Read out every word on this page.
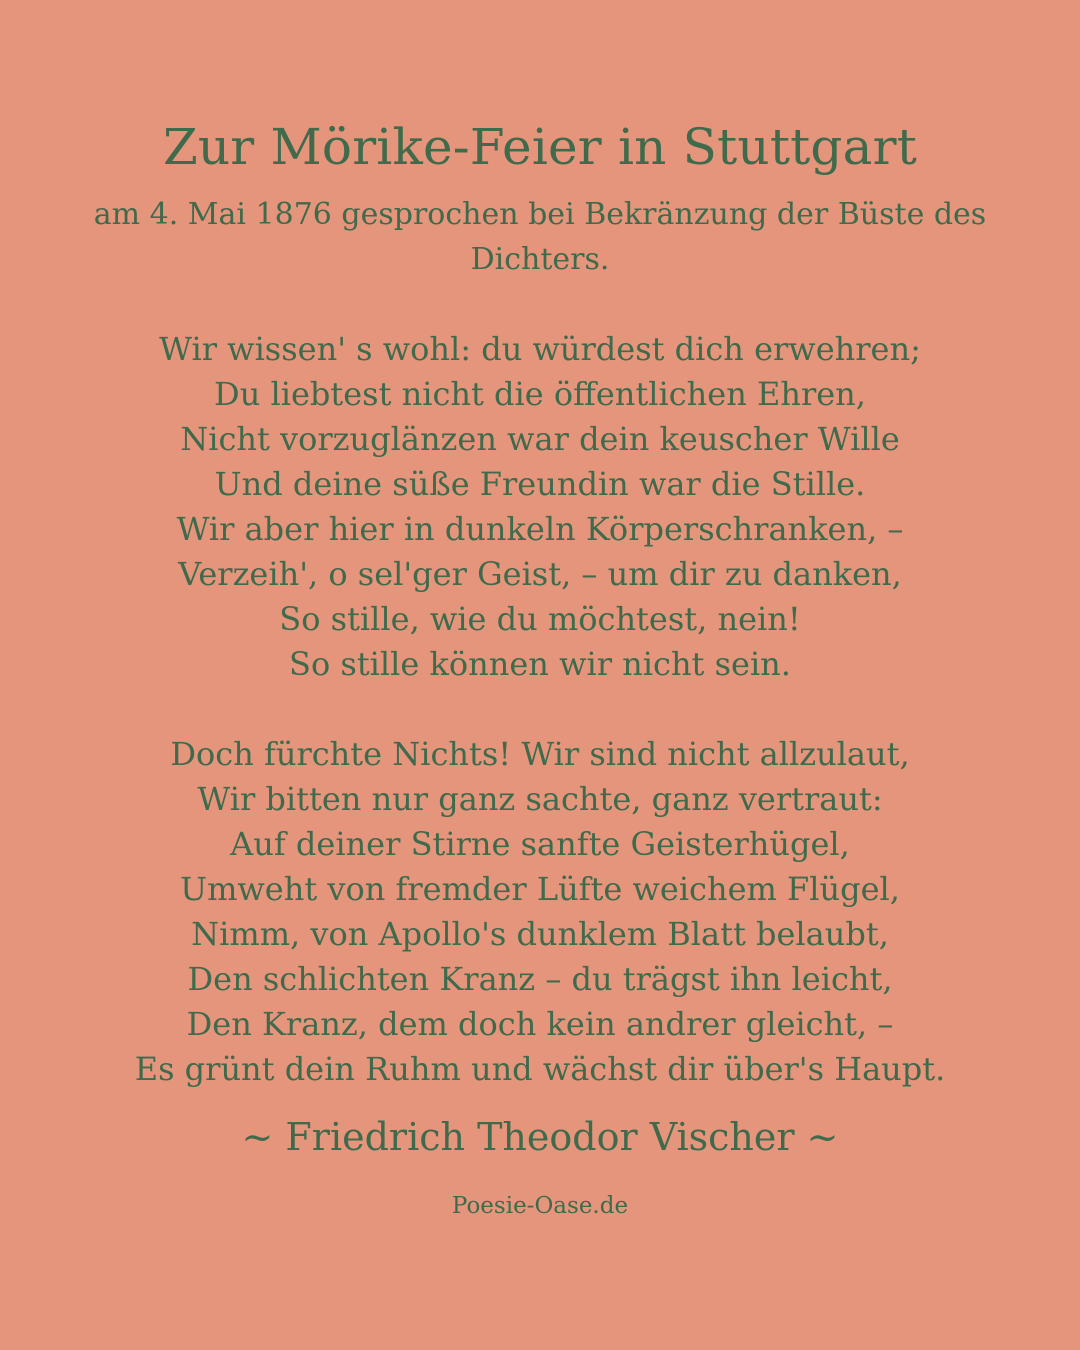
Zur Mörike-Feier in Stuttgart
am 4. Mai 1876 gesprochen bei Bekränzung der Büste des Dichters.
Wir wissen' s wohl: du würdest dich erwehren;
Du liebtest nicht die öffentlichen Ehren,
Nicht vorzuglänzen war dein keuscher Wille
Und deine süße Freundin war die Stille.
Wir aber hier in dunkeln Körperschranken, –
Verzeih', o sel'ger Geist, – um dir zu danken,
So stille, wie du möchtest, nein!
So stille können wir nicht sein.
Doch fürchte Nichts! Wir sind nicht allzulaut,
Wir bitten nur ganz sachte, ganz vertraut:
Auf deiner Stirne sanfte Geisterhügel,
Umweht von fremder Lüfte weichem Flügel,
Nimm, von Apollo's dunklem Blatt belaubt,
Den schlichten Kranz – du trägst ihn leicht,
Den Kranz, dem doch kein andrer gleicht, –
Es grünt dein Ruhm und wächst dir über's Haupt.
~ Friedrich Theodor Vischer ~
Poesie-Oase.de
